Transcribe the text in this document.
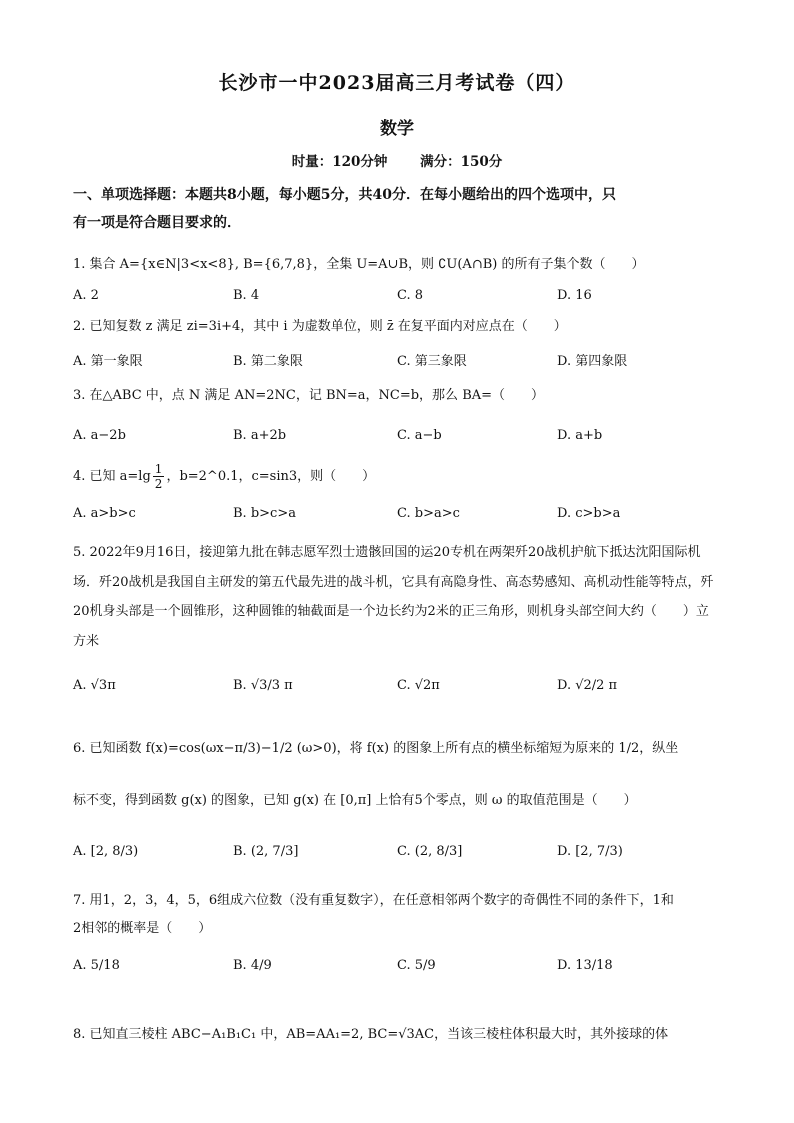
长沙市一中2023届高三月考试卷（四）
数学
时量：120分钟 满分：150分
一、单项选择题：本题共8小题，每小题5分，共40分．在每小题给出的四个选项中，只
有一项是符合题目要求的．
1. 集合 A={x∈N|3<x<8}, B={6,7,8}，全集 U=A∪B，则 ∁U(A∩B) 的所有子集个数（　　）
A. 2	B. 4	C. 8	D. 16
2. 已知复数 z 满足 zi=3i+4，其中 i 为虚数单位，则 z̄ 在复平面内对应点在（　　）
A. 第一象限	B. 第二象限	C. 第三象限	D. 第四象限
3. 在△ABC 中，点 N 满足 AN=2NC，记 BN=a，NC=b，那么 BA=（　　）
A. a−2b	B. a+2b	C. a−b	D. a+b
4. 已知 $a=\lg \frac{1}{2}$ ，b=2^0.1，c=sin3，则（　　）
A. a>b>c	B. b>c>a	C. b>a>c	D. c>b>a
5. 2022年9月16日，接迎第九批在韩志愿军烈士遗骸回国的运20专机在两架歼20战机护航下抵达沈阳国际机场．歼20战机是我国自主研发的第五代最先进的战斗机，它具有高隐身性、高态势感知、高机动性能等特点，歼20机身头部是一个圆锥形，这种圆锥的轴截面是一个边长约为2米的正三角形，则机身头部空间大约（　　）立方米
A. √3π	B. √3/3 π	C. √2π	D. √2/2 π
6. 已知函数 f(x)=cos(ωx−π/3)−1/2 (ω>0)，将 f(x) 的图象上所有点的横坐标缩短为原来的 1/2，纵坐
标不变，得到函数 g(x) 的图象，已知 g(x) 在 [0,π] 上恰有5个零点，则 ω 的取值范围是（　　）
A. [2, 8/3)	B. (2, 7/3]	C. (2, 8/3]	D. [2, 7/3)
7. 用1，2，3，4，5，6组成六位数（没有重复数字），在任意相邻两个数字的奇偶性不同的条件下，1和
2相邻的概率是（　　）
A. 5/18	B. 4/9	C. 5/9	D. 13/18
8. 已知直三棱柱 ABC−A₁B₁C₁ 中，AB=AA₁=2, BC=√3AC，当该三棱柱体积最大时，其外接球的体
